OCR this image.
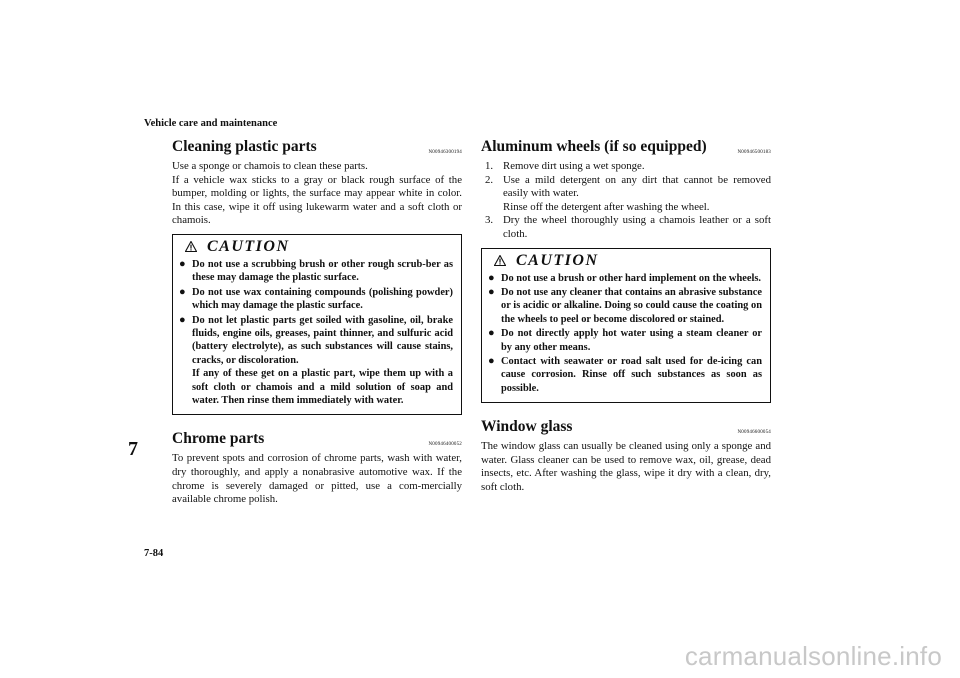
Vehicle care and maintenance
7
7-84
carmanualsonline.info
Cleaning plastic parts	N00946300194

Use a sponge or chamois to clean these parts.

If a vehicle wax sticks to a gray or black rough surface of the bumper, molding or lights, the surface may appear white in color. In this case, wipe it off using lukewarm water and a soft cloth or chamois.

CAUTION
● Do not use a scrubbing brush or other rough scrub-ber as these may damage the plastic surface.
● Do not use wax containing compounds (polishing powder) which may damage the plastic surface.
● Do not let plastic parts get soiled with gasoline, oil, brake fluids, engine oils, greases, paint thinner, and sulfuric acid (battery electrolyte), as such substances will cause stains, cracks, or discoloration.
If any of these get on a plastic part, wipe them up with a soft cloth or chamois and a mild solution of soap and water. Then rinse them immediately with water.
Chrome parts	N00946400052

To prevent spots and corrosion of chrome parts, wash with water, dry thoroughly, and apply a nonabrasive automotive wax. If the chrome is severely damaged or pitted, use a com-mercially available chrome polish.

Aluminum wheels (if so equipped)	N00946500183
1. Remove dirt using a wet sponge.
2. Use a mild detergent on any dirt that cannot be removed easily with water.
Rinse off the detergent after washing the wheel.
3. Dry the wheel thoroughly using a chamois leather or a soft cloth.
CAUTION
● Do not use a brush or other hard implement on the wheels.
● Do not use any cleaner that contains an abrasive substance or is acidic or alkaline. Doing so could cause the coating on the wheels to peel or become discolored or stained.
● Do not directly apply hot water using a steam cleaner or by any other means.
● Contact with seawater or road salt used for de-icing can cause corrosion. Rinse off such substances as soon as possible.
Window glass	N00946600054

The window glass can usually be cleaned using only a sponge and water. Glass cleaner can be used to remove wax, oil, grease, dead insects, etc. After washing the glass, wipe it dry with a clean, dry, soft cloth.
